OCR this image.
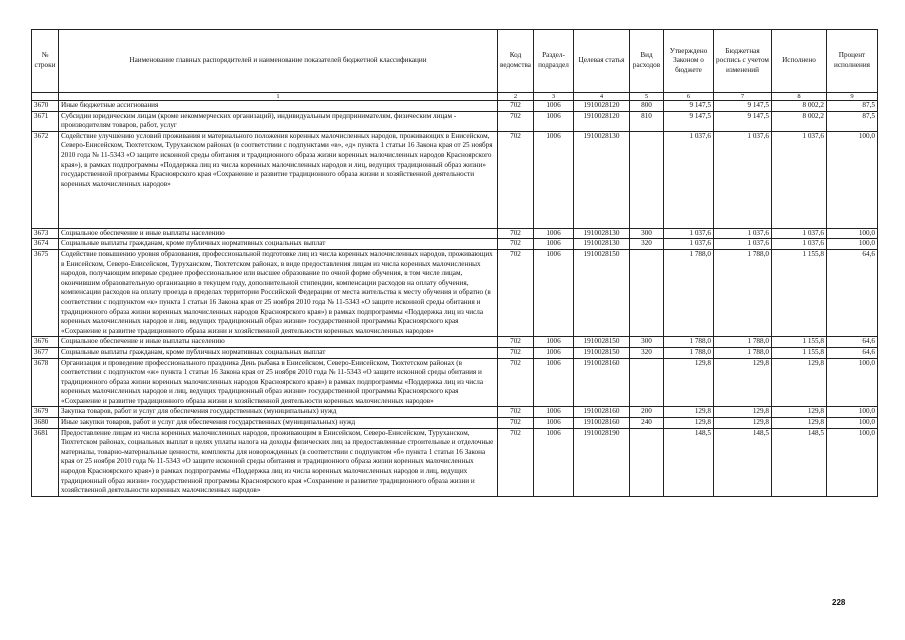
№ строки	Наименование главных распорядителей и наименование показателей бюджетной классификации	Код ведомства	Раздел-подраздел	Целевая статья	Вид расходов	Утверждено Законом о бюджете	Бюджетная роспись с учетом изменений	Исполнено	Процент исполнения
	1	2	3	4	5	6	7	8	9
3670	Иные бюджетные ассигнования	702	1006	1910028120	800	9 147,5	9 147,5	8 002,2	87,5
3671	Субсидии юридическим лицам (кроме некоммерческих организаций), индивидуальным предпринимателям, физическим лицам - производителям товаров, работ, услуг	702	1006	1910028120	810	9 147,5	9 147,5	8 002,2	87,5
3672	Содействие улучшению условий проживания и материального положения коренных малочисленных народов, проживающих в Енисейском, Северо-Енисейском, Тюхтетском, Туруханском районах (в соответствии с подпунктами «в», «д» пункта 1 статьи 16 Закона края от 25 ноября 2010 года № 11-5343 «О защите исконной среды обитания и традиционного образа жизни коренных малочисленных народов Красноярского края»), в рамках подпрограммы «Поддержка лиц из числа коренных малочисленных народов и лиц, ведущих традиционный образ жизни» государственной программы Красноярского края «Сохранение и развитие традиционного образа жизни и хозяйственной деятельности коренных малочисленных народов»	702	1006	1910028130		1 037,6	1 037,6	1 037,6	100,0
3673	Социальное обеспечение и иные выплаты населению	702	1006	1910028130	300	1 037,6	1 037,6	1 037,6	100,0
3674	Социальные выплаты гражданам, кроме публичных нормативных социальных выплат	702	1006	1910028130	320	1 037,6	1 037,6	1 037,6	100,0
3675	Содействие повышению уровня образования, профессиональной подготовке лиц из числа коренных малочисленных народов, проживающих в Енисейском, Северо-Енисейском, Туруханском, Тюхтетском районах, в виде предоставления лицам из числа коренных малочисленных народов, получающим впервые среднее профессиональное или высшее образование по очной форме обучения, в том числе лицам, окончившим образовательную организацию в текущем году, дополнительной стипендии, компенсации расходов на оплату обучения, компенсации расходов на оплату проезда в пределах территории Российской Федерации от места жительства к месту обучения и обратно (в соответствии с подпунктом «к» пункта 1 статьи 16 Закона края от 25 ноября 2010 года № 11-5343 «О защите исконной среды обитания и традиционного образа жизни коренных малочисленных народов Красноярского края») в рамках подпрограммы «Поддержка лиц из числа коренных малочисленных народов и лиц, ведущих традиционный образ жизни» государственной программы Красноярского края «Сохранение и развитие традиционного образа жизни и хозяйственной деятельности коренных малочисленных народов»	702	1006	1910028150		1 788,0	1 788,0	1 155,8	64,6
3676	Социальное обеспечение и иные выплаты населению	702	1006	1910028150	300	1 788,0	1 788,0	1 155,8	64,6
3677	Социальные выплаты гражданам, кроме публичных нормативных социальных выплат	702	1006	1910028150	320	1 788,0	1 788,0	1 155,8	64,6
3678	Организация и проведение профессионального праздника День рыбака в Енисейском, Северо-Енисейском, Тюхтетском районах (в соответствии с подпунктом «ж» пункта 1 статьи 16 Закона края от 25 ноября 2010 года № 11-5343 «О защите исконной среды обитания и традиционного образа жизни коренных малочисленных народов Красноярского края») в рамках подпрограммы «Поддержка лиц из числа коренных малочисленных народов и лиц, ведущих традиционный образ жизни» государственной программы Красноярского края «Сохранение и развитие традиционного образа жизни и хозяйственной деятельности коренных малочисленных народов»	702	1006	1910028160		129,8	129,8	129,8	100,0
3679	Закупка товаров, работ и услуг для обеспечения государственных (муниципальных) нужд	702	1006	1910028160	200	129,8	129,8	129,8	100,0
3680	Иные закупки товаров, работ и услуг для обеспечения государственных (муниципальных) нужд	702	1006	1910028160	240	129,8	129,8	129,8	100,0
3681	Предоставление лицам из числа коренных малочисленных народов, проживающим в Енисейском, Северо-Енисейском, Туруханском, Тюхтетском районах, социальных выплат в целях уплаты налога на доходы физических лиц за предоставленные строительные и отделочные материалы, товарно-материальные ценности, комплекты для новорожденных (в соответствии с подпунктом «б» пункта 1 статьи 16 Закона края от 25 ноября 2010 года № 11-5343 «О защите исконной среды обитания и традиционного образа жизни коренных малочисленных народов Красноярского края») в рамках подпрограммы «Поддержка лиц из числа коренных малочисленных народов и лиц, ведущих традиционный образ жизни» государственной программы Красноярского края «Сохранение и развитие традиционного образа жизни и хозяйственной деятельности коренных малочисленных народов»	702	1006	1910028190		148,5	148,5	148,5	100,0
228
